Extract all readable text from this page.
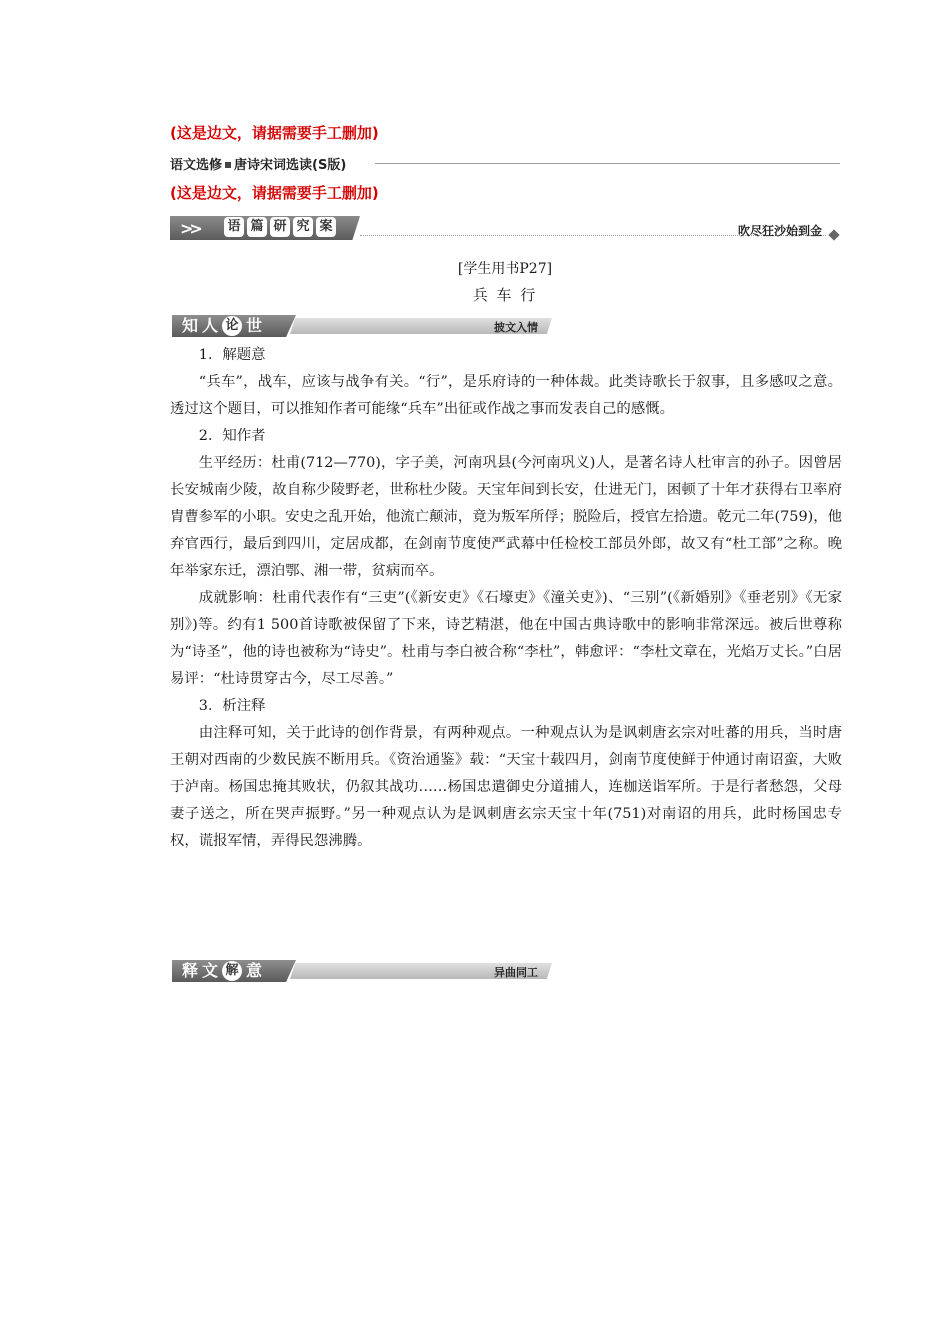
(这是边文，请据需要手工删加)
语文选修 唐诗宋词选读(S版)
(这是边文，请据需要手工删加)
>> 语 篇 研 究 案	吹尽狂沙始到金
[学生用书P27]
兵 车 行
知 人 论 世	披文入情

1．解题意

“兵车”，战车，应该与战争有关。“行”，是乐府诗的一种体裁。此类诗歌长于叙事，且多感叹之意。透过这个题目，可以推知作者可能缘“兵车”出征或作战之事而发表自己的感慨。

2．知作者

生平经历：杜甫(712—770)，字子美，河南巩县(今河南巩义)人，是著名诗人杜审言的孙子。因曾居长安城南少陵，故自称少陵野老，世称杜少陵。天宝年间到长安，仕进无门，困顿了十年才获得右卫率府胄曹参军的小职。安史之乱开始，他流亡颠沛，竟为叛军所俘；脱险后，授官左拾遗。乾元二年(759)，他弃官西行，最后到四川，定居成都，在剑南节度使严武幕中任检校工部员外郎，故又有“杜工部”之称。晚年举家东迁，漂泊鄂、湘一带，贫病而卒。

成就影响：杜甫代表作有“三吏”(《新安吏》《石壕吏》《潼关吏》)、“三别”(《新婚别》《垂老别》《无家别》)等。约有1 500首诗歌被保留了下来，诗艺精湛，他在中国古典诗歌中的影响非常深远。被后世尊称为“诗圣”，他的诗也被称为“诗史”。杜甫与李白被合称“李杜”，韩愈评：“李杜文章在，光焰万丈长。”白居易评：“杜诗贯穿古今，尽工尽善。”

3．析注释

由注释可知，关于此诗的创作背景，有两种观点。一种观点认为是讽刺唐玄宗对吐蕃的用兵，当时唐王朝对西南的少数民族不断用兵。《资治通鉴》载：“天宝十载四月，剑南节度使鲜于仲通讨南诏蛮，大败于泸南。杨国忠掩其败状，仍叙其战功……杨国忠遣御史分道捕人，连枷送诣军所。于是行者愁怨，父母妻子送之，所在哭声振野。”另一种观点认为是讽刺唐玄宗天宝十年(751)对南诏的用兵，此时杨国忠专权，谎报军情，弄得民怨沸腾。

释 文 解 意	异曲同工
